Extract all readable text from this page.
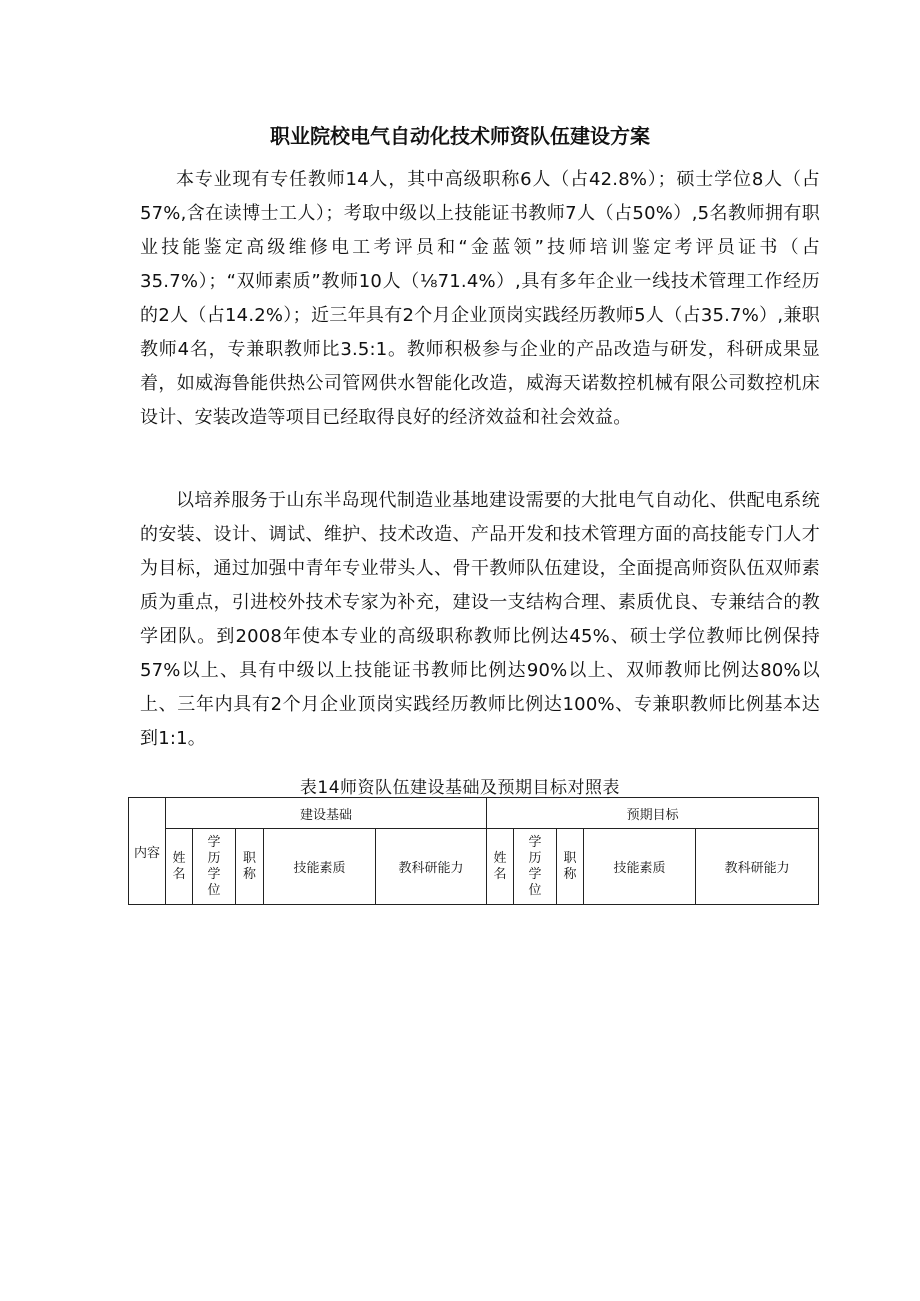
职业院校电气自动化技术师资队伍建设方案

本专业现有专任教师14人，其中高级职称6人（占42.8%）；硕士学位8人（占57%,含在读博士工人）；考取中级以上技能证书教师7人（占50%）,5名教师拥有职业技能鉴定高级维修电工考评员和“金蓝领”技师培训鉴定考评员证书（占35.7%）；“双师素质”教师10人（⅛71.4%）,具有多年企业一线技术管理工作经历的2人（占14.2%）；近三年具有2个月企业顶岗实践经历教师5人（占35.7%）,兼职教师4名，专兼职教师比3.5:1。教师积极参与企业的产品改造与研发，科研成果显着，如威海鲁能供热公司管网供水智能化改造，威海天诺数控机械有限公司数控机床设计、安装改造等项目已经取得良好的经济效益和社会效益。

以培养服务于山东半岛现代制造业基地建设需要的大批电气自动化、供配电系统的安装、设计、调试、维护、技术改造、产品开发和技术管理方面的高技能专门人才为目标，通过加强中青年专业带头人、骨干教师队伍建设，全面提高师资队伍双师素质为重点，引进校外技术专家为补充，建设一支结构合理、素质优良、专兼结合的教学团队。到2008年使本专业的高级职称教师比例达45%、硕士学位教师比例保持57%以上、具有中级以上技能证书教师比例达90%以上、双师教师比例达80%以上、三年内具有2个月企业顶岗实践经历教师比例达100%、专兼职教师比例基本达到1:1。

表14师资队伍建设基础及预期目标对照表
内容	建设基础					预期目标				
	姓名	学历学位	职称	技能素质	教科研能力	姓名	学历学位	职称	技能素质	教科研能力
